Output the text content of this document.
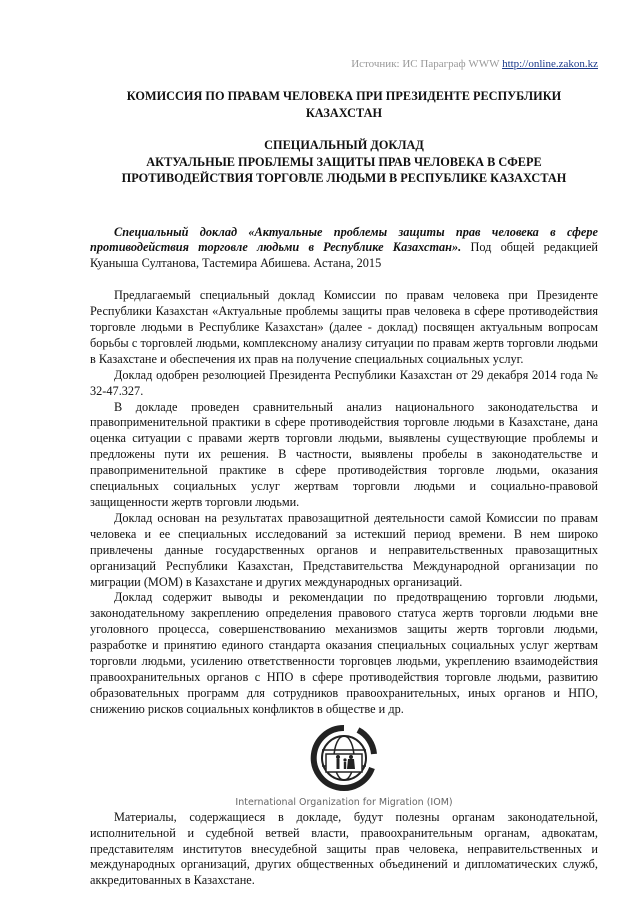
Источник: ИС Параграф WWW http://online.zakon.kz
КОМИССИЯ ПО ПРАВАМ ЧЕЛОВЕКА ПРИ ПРЕЗИДЕНТЕ РЕСПУБЛИКИ КАЗАХСТАН
СПЕЦИАЛЬНЫЙ ДОКЛАД
АКТУАЛЬНЫЕ ПРОБЛЕМЫ ЗАЩИТЫ ПРАВ ЧЕЛОВЕКА В СФЕРЕ ПРОТИВОДЕЙСТВИЯ ТОРГОВЛЕ ЛЮДЬМИ В РЕСПУБЛИКЕ КАЗАХСТАН

Специальный доклад «Актуальные проблемы защиты прав человека в сфере противодействия торговле людьми в Республике Казахстан». Под общей редакцией Куаныша Султанова, Тастемира Абишева. Астана, 2015

Предлагаемый специальный доклад Комиссии по правам человека при Президенте Республики Казахстан «Актуальные проблемы защиты прав человека в сфере противодействия торговле людьми в Республике Казахстан» (далее - доклад) посвящен актуальным вопросам борьбы с торговлей людьми, комплексному анализу ситуации по правам жертв торговли людьми в Казахстане и обеспечения их прав на получение специальных социальных услуг.

Доклад одобрен резолюцией Президента Республики Казахстан от 29 декабря 2014 года № 32-47.327.

В докладе проведен сравнительный анализ национального законодательства и правоприменительной практики в сфере противодействия торговле людьми в Казахстане, дана оценка ситуации с правами жертв торговли людьми, выявлены существующие проблемы и предложены пути их решения. В частности, выявлены пробелы в законодательстве и правоприменительной практике в сфере противодействия торговле людьми, оказания специальных социальных услуг жертвам торговли людьми и социально-правовой защищенности жертв торговли людьми.

Доклад основан на результатах правозащитной деятельности самой Комиссии по правам человека и ее специальных исследований за истекший период времени. В нем широко привлечены данные государственных органов и неправительственных правозащитных организаций Республики Казахстан, Представительства Международной организации по миграции (МОМ) в Казахстане и других международных организаций.

Доклад содержит выводы и рекомендации по предотвращению торговли людьми, законодательному закреплению определения правового статуса жертв торговли людьми вне уголовного процесса, совершенствованию механизмов защиты жертв торговли людьми, разработке и принятию единого стандарта оказания специальных социальных услуг жертвам торговли людьми, усилению ответственности торговцев людьми, укреплению взаимодействия правоохранительных органов с НПО в сфере противодействия торговле людьми, развитию образовательных программ для сотрудников правоохранительных, иных органов и НПО, снижению рисков социальных конфликтов в обществе и др.

International Organization for Migration (IOM)

Материалы, содержащиеся в докладе, будут полезны органам законодательной, исполнительной и судебной ветвей власти, правоохранительным органам, адвокатам, представителям институтов внесудебной защиты прав человека, неправительственных и международных организаций, других общественных объединений и дипломатических служб, аккредитованных в Казахстане.
